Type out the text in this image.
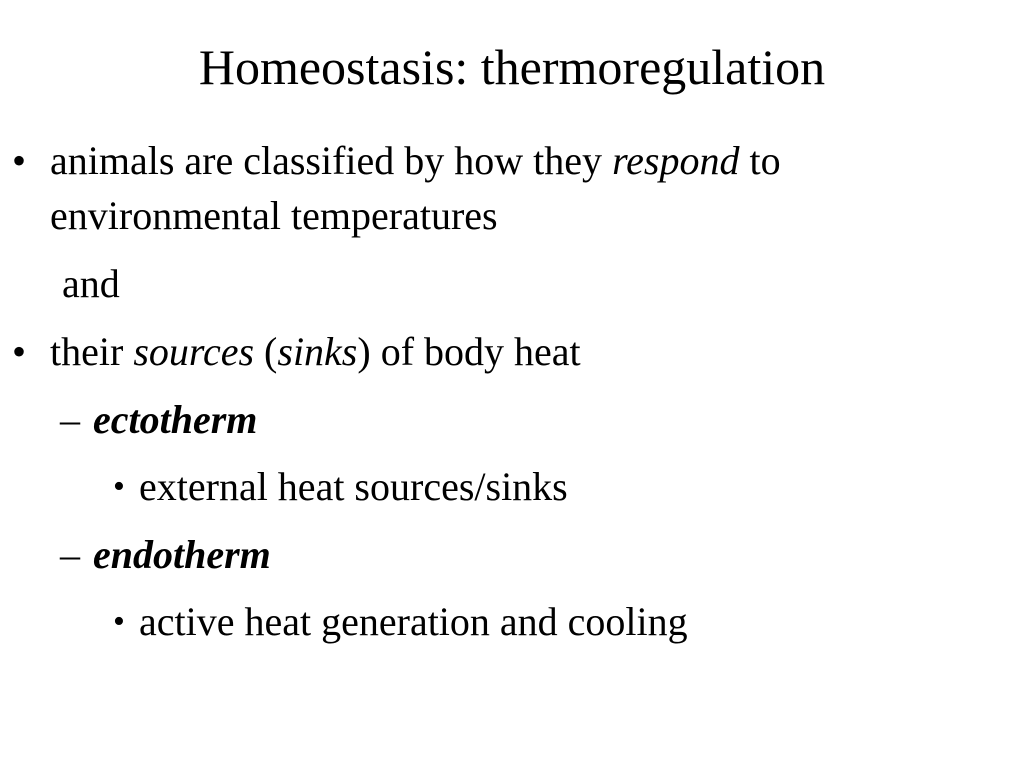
Homeostasis: thermoregulation
• animals are classified by how they respond to
environmental temperatures
and
• their sources (sinks) of body heat
– ectotherm
• external heat sources/sinks
– endotherm
• active heat generation and cooling
